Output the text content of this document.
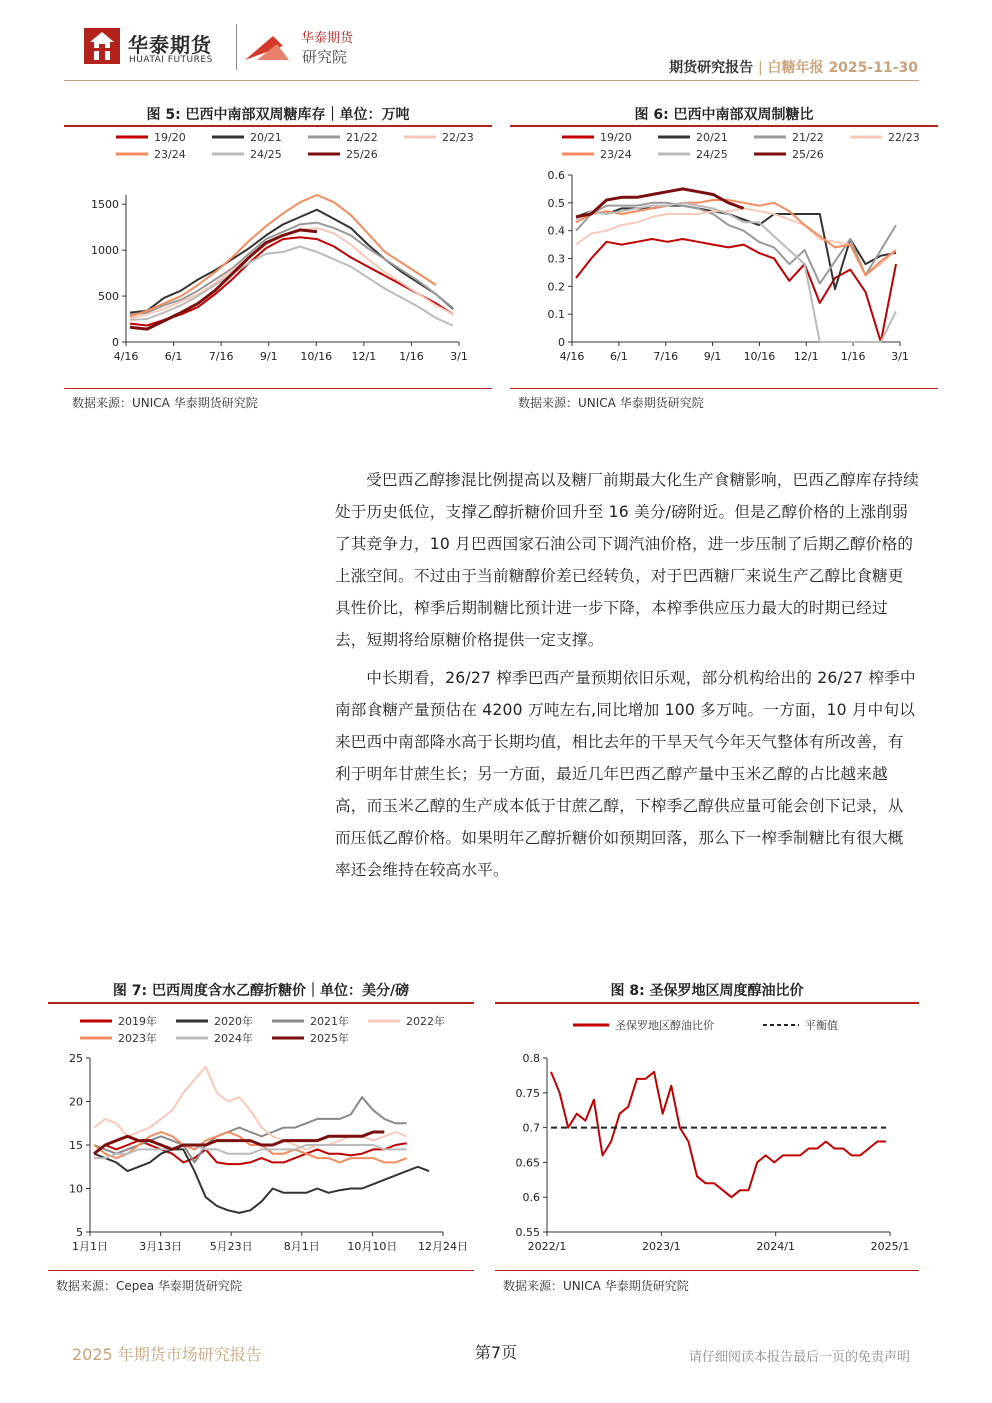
华泰期货
HUATAI FUTURES
华泰期货
研究院
期货研究报告 | 白糖年报 2025-11-30
图 5: 巴西中南部双周糖库存｜单位：万吨
19/20	20/21	21/22	22/23
23/24	24/25	25/26
0
500
1000
1500
4/16 6/1 7/16 9/1 10/16 12/1 1/16 3/1
数据来源：UNICA 华泰期货研究院
图 6: 巴西中南部双周制糖比
19/20	20/21	21/22	22/23
23/24	24/25	25/26
0
0.1
0.2
0.3
0.4
0.5
0.6
4/16 6/1 7/16 9/1 10/16 12/1 1/16 3/1
数据来源：UNICA 华泰期货研究院

受巴西乙醇掺混比例提高以及糖厂前期最大化生产食糖影响，巴西乙醇库存持续处于历史低位，支撑乙醇折糖价回升至 16 美分/磅附近。但是乙醇价格的上涨削弱了其竞争力，10 月巴西国家石油公司下调汽油价格，进一步压制了后期乙醇价格的上涨空间。不过由于当前糖醇价差已经转负，对于巴西糖厂来说生产乙醇比食糖更具性价比，榨季后期制糖比预计进一步下降，本榨季供应压力最大的时期已经过去，短期将给原糖价格提供一定支撑。

中长期看，26/27 榨季巴西产量预期依旧乐观，部分机构给出的 26/27 榨季中南部食糖产量预估在 4200 万吨左右,同比增加 100 多万吨。一方面，10 月中旬以来巴西中南部降水高于长期均值，相比去年的干旱天气今年天气整体有所改善，有利于明年甘蔗生长；另一方面，最近几年巴西乙醇产量中玉米乙醇的占比越来越高，而玉米乙醇的生产成本低于甘蔗乙醇，下榨季乙醇供应量可能会创下记录，从而压低乙醇价格。如果明年乙醇折糖价如预期回落，那么下一榨季制糖比有很大概率还会维持在较高水平。

图 7: 巴西周度含水乙醇折糖价｜单位：美分/磅
2019年	2020年	2021年	2022年
2023年	2024年	2025年
5
10
15
20
25
1月1日	3月13日	5月23日	8月1日	10月10日 12月24日
数据来源：Cepea 华泰期货研究院
图 8: 圣保罗地区周度醇油比价
圣保罗地区醇油比价	平衡值
0.55
0.6
0.65
0.7
0.75
0.8
2022/1	2023/1	2024/1	2025/1
数据来源：UNICA 华泰期货研究院
2025 年期货市场研究报告	第7页	请仔细阅读本报告最后一页的免责声明
